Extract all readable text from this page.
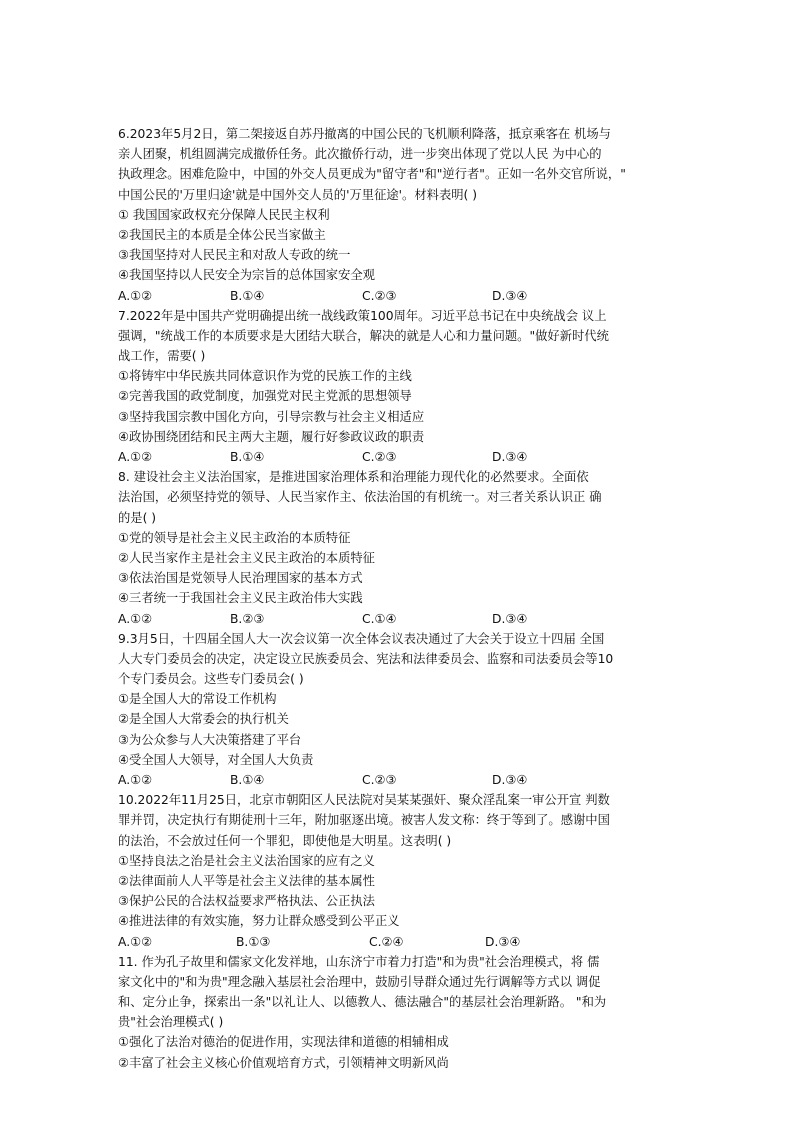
6.2023年5月2日，第二架接返自苏丹撤离的中国公民的飞机顺利降落，抵京乘客在 机场与
亲人团聚，机组圆满完成撤侨任务。此次撤侨行动，进一步突出体现了党以人民 为中心的
执政理念。困难危险中，中国的外交人员更成为"留守者"和"逆行者"。正如一名外交官所说，"
中国公民的'万里归途'就是中国外交人员的'万里征途'。材料表明( )
① 我国国家政权充分保障人民民主权利
②我国民主的本质是全体公民当家做主
③我国坚持对人民民主和对敌人专政的统一
④我国坚持以人民安全为宗旨的总体国家安全观
A.①②	B.①④	C.②③	D.③④
7.2022年是中国共产党明确提出统一战线政策100周年。习近平总书记在中央统战会 议上
强调，"统战工作的本质要求是大团结大联合，解决的就是人心和力量问题。"做好新时代统
战工作，需要( )
①将铸牢中华民族共同体意识作为党的民族工作的主线
②完善我国的政党制度，加强党对民主党派的思想领导
③坚持我国宗教中国化方向，引导宗教与社会主义相适应
④政协围绕团结和民主两大主题，履行好参政议政的职责
A.①②	B.①④	C.②③	D.③④
8. 建设社会主义法治国家，是推进国家治理体系和治理能力现代化的必然要求。全面依
法治国，必须坚持党的领导、人民当家作主、依法治国的有机统一。对三者关系认识正 确
的是( )
①党的领导是社会主义民主政治的本质特征
②人民当家作主是社会主义民主政治的本质特征
③依法治国是党领导人民治理国家的基本方式
④三者统一于我国社会主义民主政治伟大实践
A.①②	B.②③	C.①④	D.③④
9.3月5日，十四届全国人大一次会议第一次全体会议表决通过了大会关于设立十四届 全国
人大专门委员会的决定，决定设立民族委员会、宪法和法律委员会、监察和司法委员会等10
个专门委员会。这些专门委员会( )
①是全国人大的常设工作机构
②是全国人大常委会的执行机关
③为公众参与人大决策搭建了平台
④受全国人大领导，对全国人大负责
A.①②	B.①④	C.②③	D.③④
10.2022年11月25日，北京市朝阳区人民法院对吴某某强奸、聚众淫乱案一审公开宣 判数
罪并罚，决定执行有期徒刑十三年，附加驱逐出境。被害人发文称：终于等到了。感谢中国
的法治，不会放过任何一个罪犯，即使他是大明星。这表明( )
①坚持良法之治是社会主义法治国家的应有之义
②法律面前人人平等是社会主义法律的基本属性
③保护公民的合法权益要求严格执法、公正执法
④推进法律的有效实施，努力让群众感受到公平正义
A.①②	B.①③	C.②④	D.③④
11. 作为孔子故里和儒家文化发祥地，山东济宁市着力打造"和为贵"社会治理模式，将 儒
家文化中的"和为贵"理念融入基层社会治理中，鼓励引导群众通过先行调解等方式以 调促
和、定分止争，探索出一条"以礼让人、以德教人、德法融合"的基层社会治理新路。 "和为
贵"社会治理模式( )
①强化了法治对德治的促进作用，实现法律和道德的相辅相成
②丰富了社会主义核心价值观培育方式，引领精神文明新风尚
